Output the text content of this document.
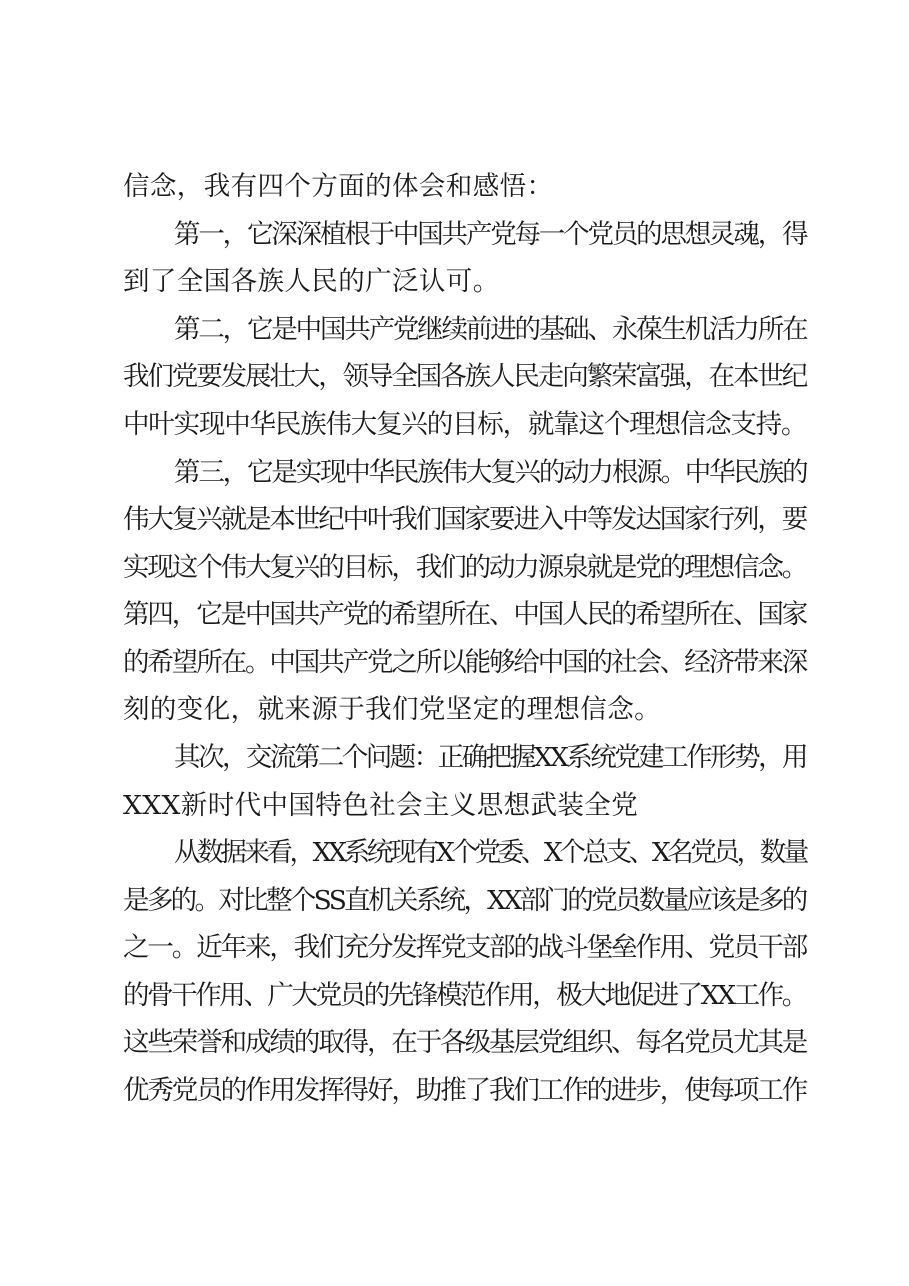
信念，我有四个方面的体会和感悟：
第一，它深深植根于中国共产党每一个党员的思想灵魂，得
到了全国各族人民的广泛认可。
第二，它是中国共产党继续前进的基础、永葆生机活力所在
我们党要发展壮大，领导全国各族人民走向繁荣富强，在本世纪
中叶实现中华民族伟大复兴的目标，就靠这个理想信念支持。
第三，它是实现中华民族伟大复兴的动力根源。中华民族的
伟大复兴就是本世纪中叶我们国家要进入中等发达国家行列，要
实现这个伟大复兴的目标，我们的动力源泉就是党的理想信念。
第四，它是中国共产党的希望所在、中国人民的希望所在、国家
的希望所在。中国共产党之所以能够给中国的社会、经济带来深
刻的变化，就来源于我们党坚定的理想信念。
其次，交流第二个问题：正确把握XX系统党建工作形势，用
XXX新时代中国特色社会主义思想武装全党
从数据来看，XX系统现有X个党委、X个总支、X名党员，数量
是多的。对比整个SS直机关系统，XX部门的党员数量应该是多的
之一。近年来，我们充分发挥党支部的战斗堡垒作用、党员干部
的骨干作用、广大党员的先锋模范作用，极大地促进了XX工作。
这些荣誉和成绩的取得，在于各级基层党组织、每名党员尤其是
优秀党员的作用发挥得好，助推了我们工作的进步，使每项工作
